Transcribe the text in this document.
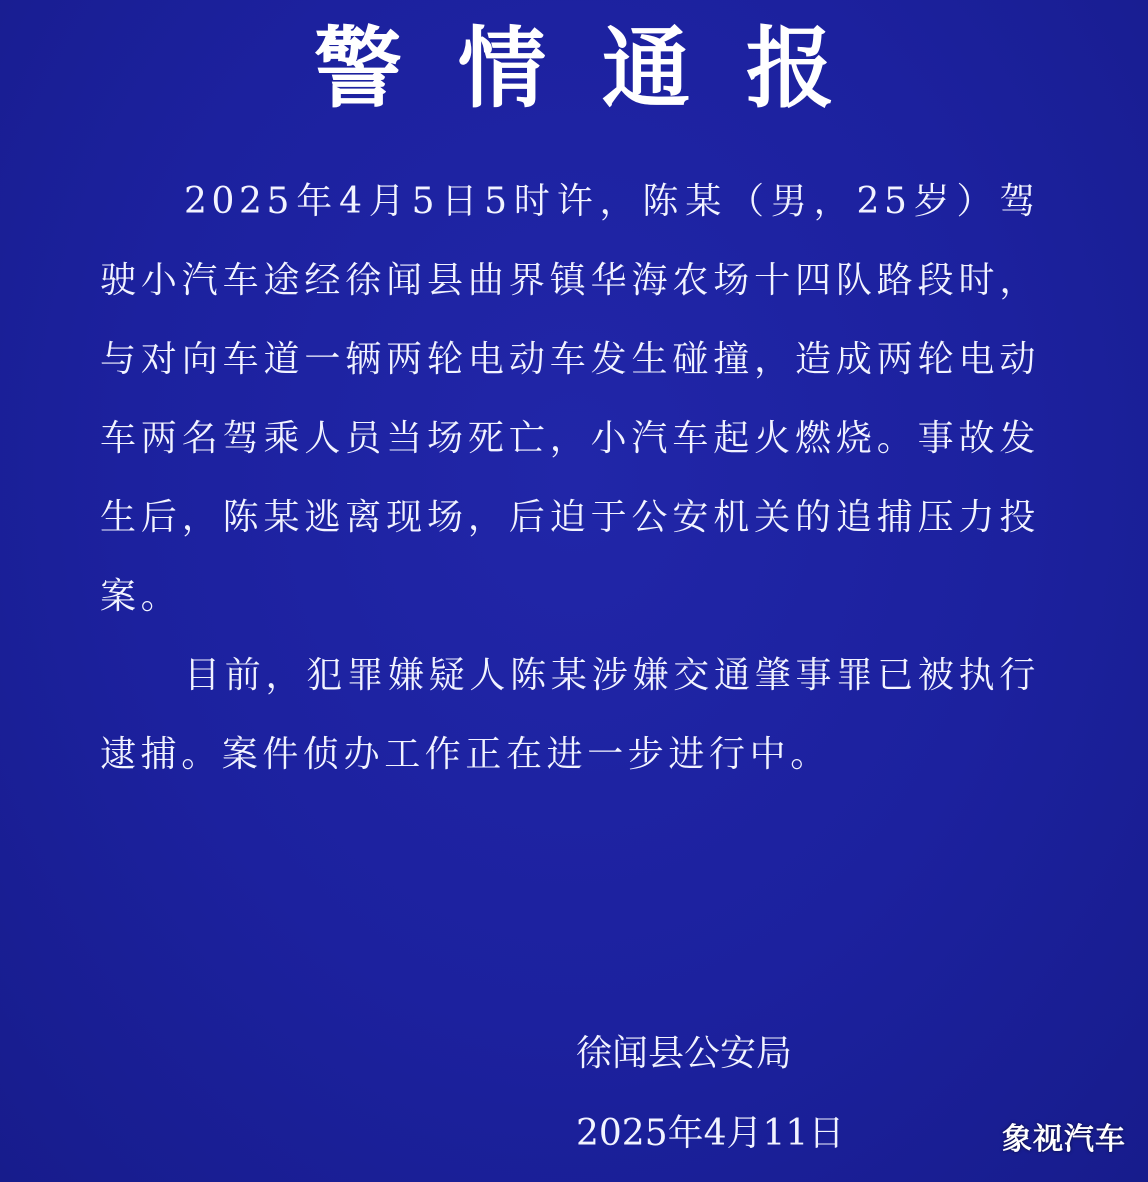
警情通报

2025年4月5日5时许，陈某（男，25岁）驾驶小汽车途经徐闻县曲界镇华海农场十四队路段时，与对向车道一辆两轮电动车发生碰撞，造成两轮电动车两名驾乘人员当场死亡，小汽车起火燃烧。事故发生后，陈某逃离现场，后迫于公安机关的追捕压力投案。

目前，犯罪嫌疑人陈某涉嫌交通肇事罪已被执行逮捕。案件侦办工作正在进一步进行中。

徐闻县公安局
2025年4月11日	象视汽车
